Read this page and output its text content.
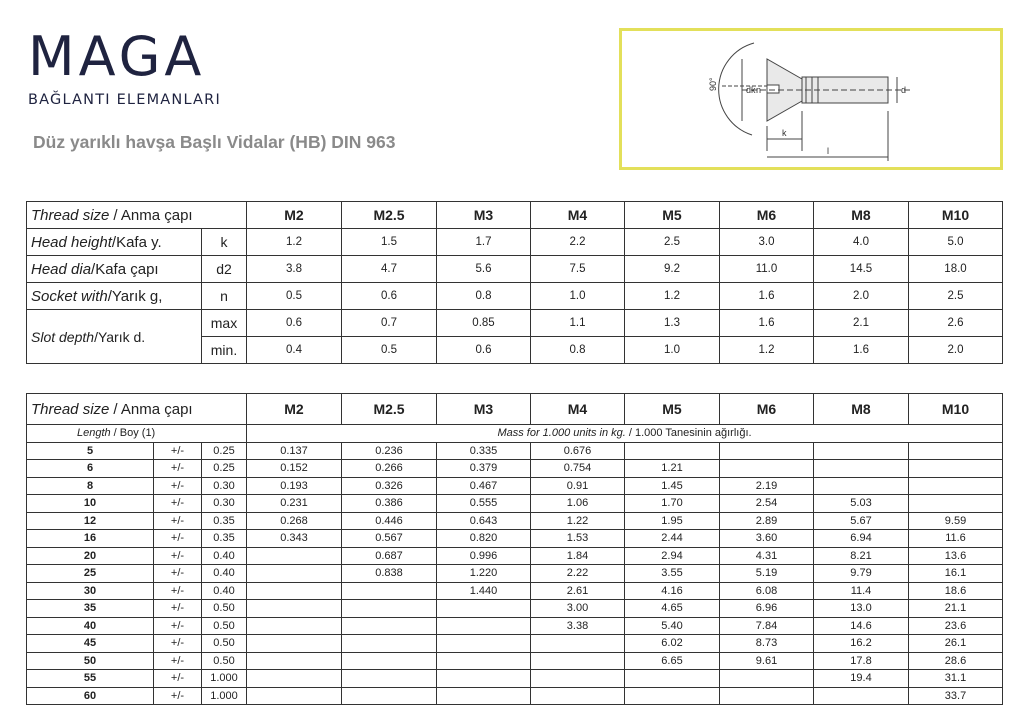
MAGA
BAĞLANTI ELEMANLARI
Düz yarıklı havşa Başlı Vidalar (HB) DIN 963
90°	dk n	d
k
l
Thread size / Anma çapı		M2	M2.5	M3	M4	M5	M6	M8	M10
Head height/Kafa y.	k	1.2	1.5	1.7	2.2	2.5	3.0	4.0	5.0
Head dia/Kafa çapı	d2	3.8	4.7	5.6	7.5	9.2	11.0	14.5	18.0
Socket with/Yarık g,	n	0.5	0.6	0.8	1.0	1.2	1.6	2.0	2.5
Slot depth/Yarık d.	max	0.6	0.7	0.85	1.1	1.3	1.6	2.1	2.6
	min.	0.4	0.5	0.6	0.8	1.0	1.2	1.6	2.0
Thread size / Anma çapı			M2	M2.5	M3	M4	M5	M6	M8	M10
Length / Boy (1)			Mass for 1.000 units in kg. / 1.000 Tanesinin ağırlığı.							
5	+/-	0.25	0.137	0.236	0.335	0.676				
6	+/-	0.25	0.152	0.266	0.379	0.754	1.21			
8	+/-	0.30	0.193	0.326	0.467	0.91	1.45	2.19		
10	+/-	0.30	0.231	0.386	0.555	1.06	1.70	2.54	5.03	
12	+/-	0.35	0.268	0.446	0.643	1.22	1.95	2.89	5.67	9.59
16	+/-	0.35	0.343	0.567	0.820	1.53	2.44	3.60	6.94	11.6
20	+/-	0.40		0.687	0.996	1.84	2.94	4.31	8.21	13.6
25	+/-	0.40		0.838	1.220	2.22	3.55	5.19	9.79	16.1
30	+/-	0.40			1.440	2.61	4.16	6.08	11.4	18.6
35	+/-	0.50				3.00	4.65	6.96	13.0	21.1
40	+/-	0.50				3.38	5.40	7.84	14.6	23.6
45	+/-	0.50					6.02	8.73	16.2	26.1
50	+/-	0.50					6.65	9.61	17.8	28.6
55	+/-	1.000							19.4	31.1
60	+/-	1.000								33.7
